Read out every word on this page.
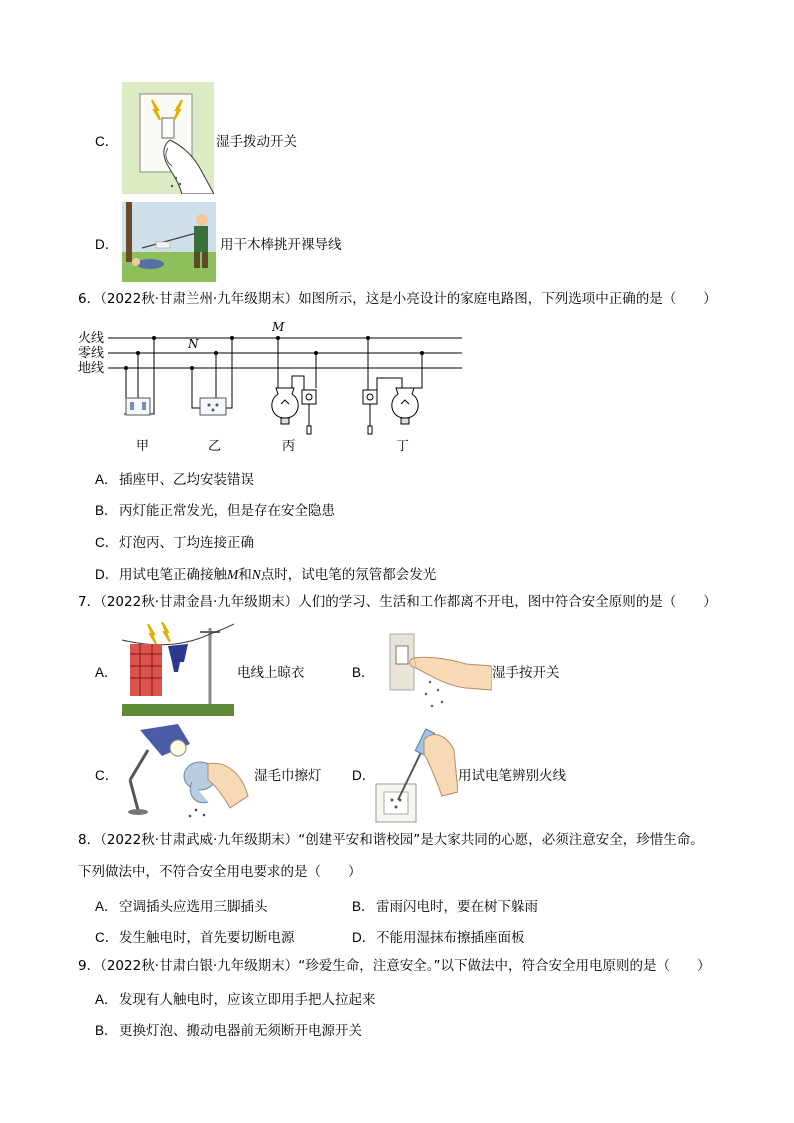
C．	湿手拨动开关
D．	用干木棒挑开裸导线
6．（2022秋·甘肃兰州·九年级期末）如图所示，这是小亮设计的家庭电路图，下列选项中正确的是（　　）
火线
零线
地线
N
M
甲	乙	丙	丁
A． 插座甲、乙均安装错误
B． 丙灯能正常发光，但是存在安全隐患
C． 灯泡丙、丁均连接正确
D． 用试电笔正确接触M和N点时，试电笔的氖管都会发光
7．（2022秋·甘肃金昌·九年级期末）人们的学习、生活和工作都离不开电，图中符合安全原则的是（　　）
A．	电线上晾衣	B．	湿手按开关
C．	湿毛巾擦灯 D．	用试电笔辨别火线
8．（2022秋·甘肃武威·九年级期末）“创建平安和谐校园”是大家共同的心愿，必须注意安全，珍惜生命。
下列做法中，不符合安全用电要求的是（　　）
A． 空调插头应选用三脚插头	B． 雷雨闪电时，要在树下躲雨
C． 发生触电时，首先要切断电源	D． 不能用湿抹布擦插座面板
9．（2022秋·甘肃白银·九年级期末）“珍爱生命，注意安全。”以下做法中，符合安全用电原则的是（　　）
A． 发现有人触电时，应该立即用手把人拉起来
B． 更换灯泡、搬动电器前无须断开电源开关
